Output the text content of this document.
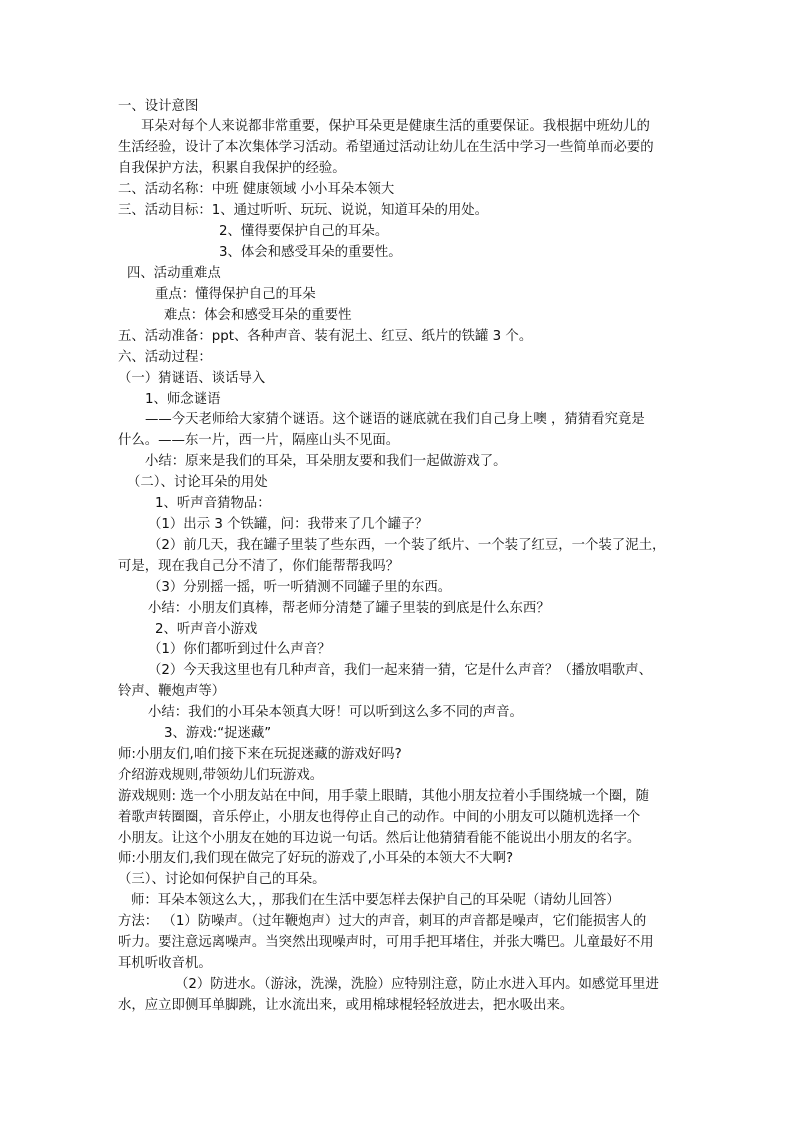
一、设计意图
耳朵对每个人来说都非常重要，保护耳朵更是健康生活的重要保证。我根据中班幼儿的
生活经验，设计了本次集体学习活动。希望通过活动让幼儿在生活中学习一些简单而必要的
自我保护方法，积累自我保护的经验。
二、活动名称：中班 健康领域 小小耳朵本领大
三、活动目标：1、通过听听、玩玩、说说，知道耳朵的用处。
2、懂得要保护自己的耳朵。
3、体会和感受耳朵的重要性。
四、活动重难点
重点：懂得保护自己的耳朵
难点：体会和感受耳朵的重要性
五、活动准备：ppt、各种声音、装有泥土、红豆、纸片的铁罐 3 个。
六、活动过程：
（一）猜谜语、谈话导入
1、师念谜语
——今天老师给大家猜个谜语。这个谜语的谜底就在我们自己身上噢 ，猜猜看究竟是
什么。——东一片，西一片，隔座山头不见面。
小结：原来是我们的耳朵，耳朵朋友要和我们一起做游戏了。
（二）、讨论耳朵的用处
1、听声音猜物品：
（1）出示 3 个铁罐，问：我带来了几个罐子？
（2）前几天，我在罐子里装了些东西，一个装了纸片、一个装了红豆，一个装了泥土，
可是，现在我自己分不清了，你们能帮帮我吗？
（3）分别摇一摇，听一听猜测不同罐子里的东西。
小结：小朋友们真棒，帮老师分清楚了罐子里装的到底是什么东西？
2、听声音小游戏
（1）你们都听到过什么声音？
（2）今天我这里也有几种声音，我们一起来猜一猜，它是什么声音？（播放唱歌声、
铃声、鞭炮声等）
小结：我们的小耳朵本领真大呀！可以听到这么多不同的声音。
3、游戏:“捉迷藏”
师:小朋友们,咱们接下来在玩捉迷藏的游戏好吗?
介绍游戏规则,带领幼儿们玩游戏。
游戏规则: 选一个小朋友站在中间，用手蒙上眼睛，其他小朋友拉着小手围绕城一个圈，随
着歌声转圈圈，音乐停止，小朋友也得停止自己的动作。中间的小朋友可以随机选择一个
小朋友。让这个小朋友在她的耳边说一句话。然后让他猜猜看能不能说出小朋友的名字。
师:小朋友们,我们现在做完了好玩的游戏了,小耳朵的本领大不大啊?
（三）、讨论如何保护自己的耳朵。
师：耳朵本领这么大，，那我们在生活中要怎样去保护自己的耳朵呢（请幼儿回答）
方法： （1）防噪声。（过年鞭炮声）过大的声音，刺耳的声音都是噪声，它们能损害人的
听力。要注意远离噪声。当突然出现噪声时，可用手把耳堵住，并张大嘴巴。儿童最好不用
耳机听收音机。
（2）防进水。（游泳，洗澡，洗脸）应特别注意，防止水进入耳内。如感觉耳里进
水，应立即侧耳单脚跳，让水流出来，或用棉球棍轻轻放进去，把水吸出来。
